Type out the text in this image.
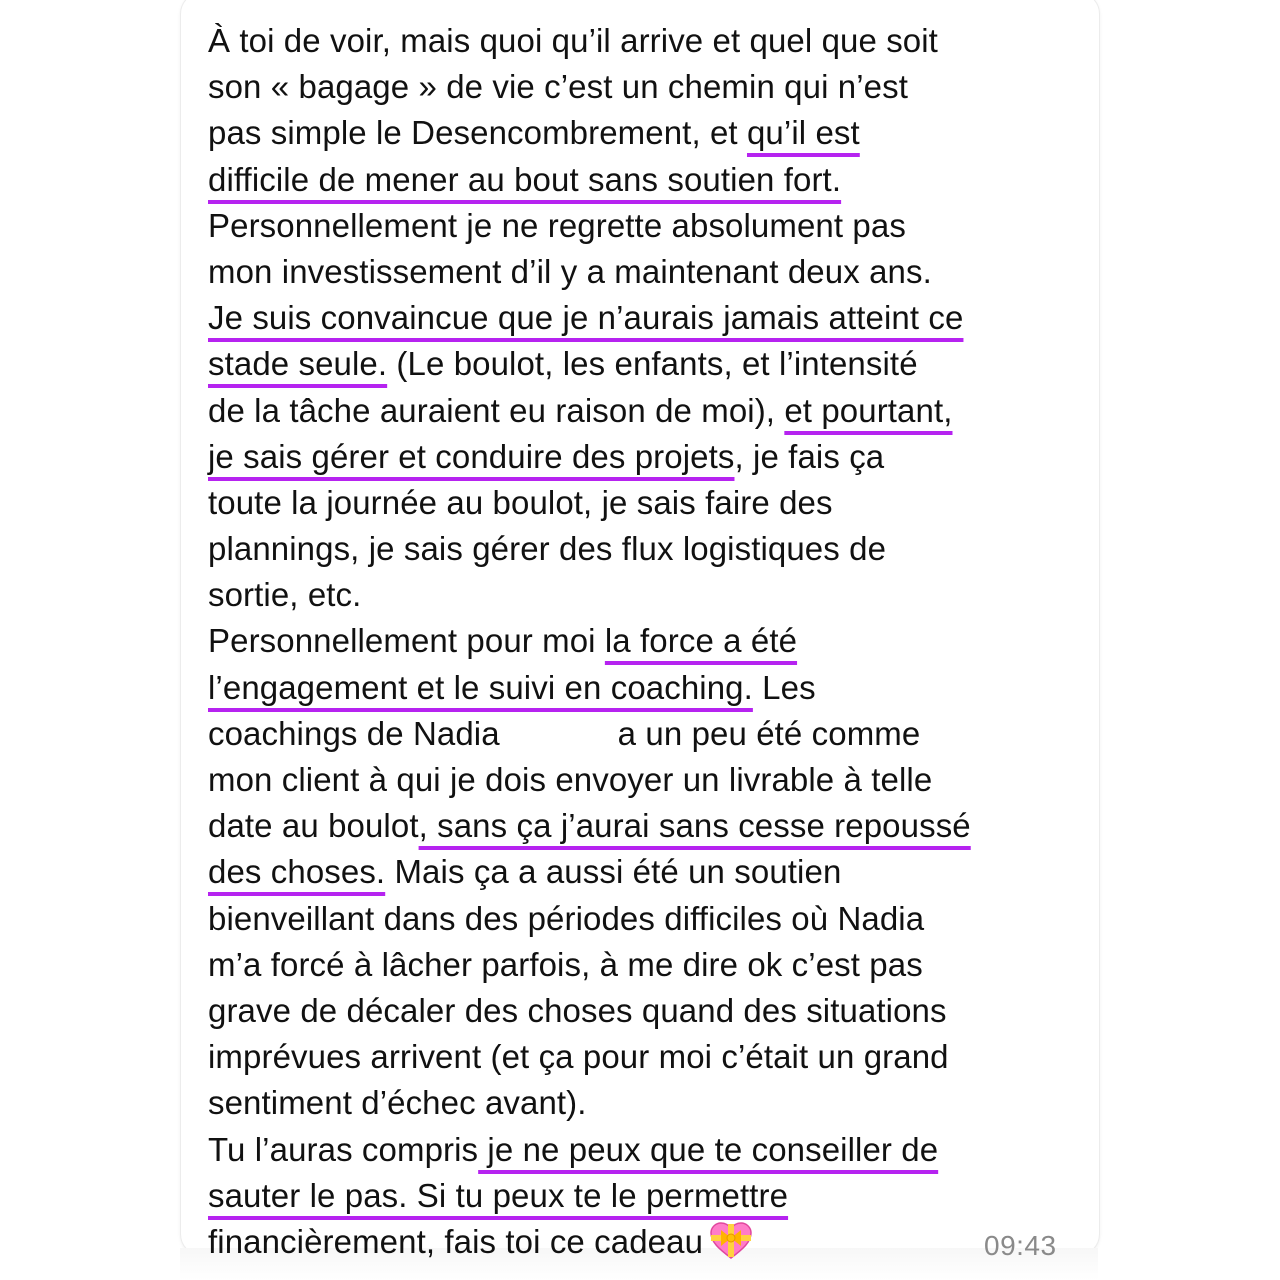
À toi de voir, mais quoi qu’il arrive et quel que soit
son « bagage » de vie c’est un chemin qui n’est
pas simple le Desencombrement, et qu’il est
difficile de mener au bout sans soutien fort.
Personnellement je ne regrette absolument pas
mon investissement d’il y a maintenant deux ans.
Je suis convaincue que je n’aurais jamais atteint ce
stade seule. (Le boulot, les enfants, et l’intensité
de la tâche auraient eu raison de moi), et pourtant,
je sais gérer et conduire des projets, je fais ça
toute la journée au boulot, je sais faire des
plannings, je sais gérer des flux logistiques de
sortie, etc.
Personnellement pour moi la force a été
l’engagement et le suivi en coaching. Les
coachings de Nadia	a un peu été comme
mon client à qui je dois envoyer un livrable à telle
date au boulot, sans ça j’aurai sans cesse repoussé
des choses. Mais ça a aussi été un soutien
bienveillant dans des périodes difficiles où Nadia
m’a forcé à lâcher parfois, à me dire ok c’est pas
grave de décaler des choses quand des situations
imprévues arrivent (et ça pour moi c’était un grand
sentiment d’échec avant).
Tu l’auras compris je ne peux que te conseiller de
sauter le pas. Si tu peux te le permettre
financièrement, fais toi ce cadeau	09:43
